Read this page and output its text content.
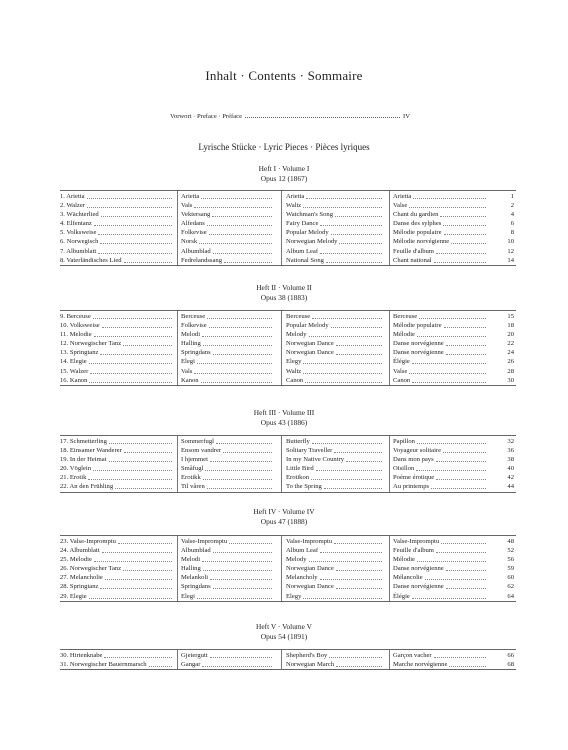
Inhalt · Contents · Sommaire
Vorwort · Preface · Préface	IV
Lyrische Stücke · Lyric Pieces · Pièces lyriques
Heft I · Volume I
Opus 12 (1867)
1. Arietta	Arietta	Arietta	Arietta	1
2. Walzer	Vals	Waltz	Valse	2
3. Wächterlied	Vektersang	Watchman's Song	Chant du gardien	4
4. Elfentanz	Alfedans	Fairy Dance	Danse des sylphes	6
5. Volksweise	Folkevise	Popular Melody	Mélodie populaire	8
6. Norwegisch	Norsk	Norwegian Melody	Mélodie norvégienne	10
7. Albumblatt	Albumblad	Album Leaf	Feuille d'album	12
8. Vaterländisches Lied	Fedrelandssang	National Song	Chant national	14
Heft II · Volume II
Opus 38 (1883)
9. Berceuse	Berceuse	Berceuse	Berceuse	15
10. Volksweise	Folkevise	Popular Melody	Mélodie populaire	18
11. Melodie	Melodi	Melody	Mélodie	20
12. Norwegischer Tanz	Halling	Norwegian Dance	Danse norvégienne	22
13. Springtanz	Springdans	Norwegian Dance	Danse norvégienne	24
14. Elegie	Elegi	Elegy	Élégie	26
15. Walzer	Vals	Waltz	Valse	28
16. Kanon	Kanon	Canon	Canon	30
Heft III · Volume III
Opus 43 (1886)
17. Schmetterling	Sommerfugl	Butterfly	Papillon	32
18. Einsamer Wanderer	Ensom vandrer	Solitary Traveller	Voyageur solitaire	36
19. In der Heimat	I hjemmet	In my Native Country	Dans mon pays	38
20. Vöglein	Småfugl	Little Bird	Oisillon	40
21. Erotik	Erotikk	Erotikon	Poème érotique	42
22. An den Frühling	Til våren	To the Spring	Au printemps	44
Heft IV · Volume IV
Opus 47 (1888)
23. Valse-Impromptu	Valse-Impromptu	Valse-Impromptu	Valse-Impromptu	48
24. Albumblatt	Albumblad	Album Leaf	Feuille d'album	52
25. Melodie	Melodi	Melody	Mélodie	56
26. Norwegischer Tanz	Halling	Norwegian Dance	Danse norvégienne	59
27. Melancholie	Melankoli	Melancholy	Mélancolie	60
28. Springtanz	Springdans	Norwegian Dance	Danse norvégienne	62
29. Elegie	Elegi	Elegy	Élégie	64
Heft V · Volume V
Opus 54 (1891)
30. Hirtenknabe	Gjetergutt	Shepherd's Boy	Garçon vacher	66
31. Norwegischer Bauernmarsch	Gangar	Norwegian March	Marche norvégienne	68
